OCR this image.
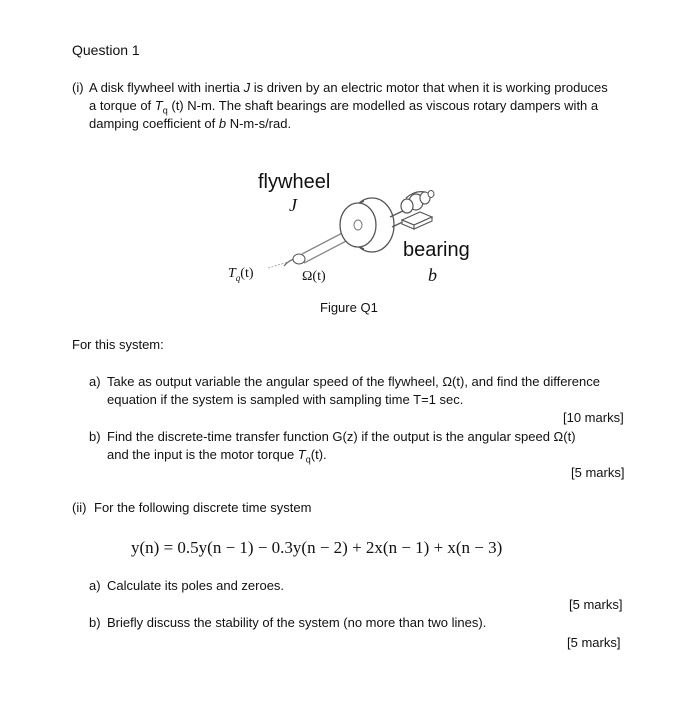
Question 1
(i) A disk flywheel with inertia J is driven by an electric motor that when it is working produces
a torque of $T_q$ (t) N-m. The shaft bearings are modelled as viscous rotary dampers with a
damping coefficient of b N-m-s/rad.
flywheel
J
bearing
b
$T_q(t)$	Ω(t)
Figure Q1
For this system:
a) Take as output variable the angular speed of the flywheel, Ω(t), and find the difference
equation if the system is sampled with sampling time T=1 sec.
[10 marks]
b) Find the discrete-time transfer function G(z) if the output is the angular speed Ω(t)
and the input is the motor torque $T_q(t)$.
[5 marks]
(ii) For the following discrete time system
y(n) = 0.5y(n − 1) − 0.3y(n − 2) + 2x(n − 1) + x(n − 3)
a) Calculate its poles and zeroes.
[5 marks]
b) Briefly discuss the stability of the system (no more than two lines).
[5 marks]
